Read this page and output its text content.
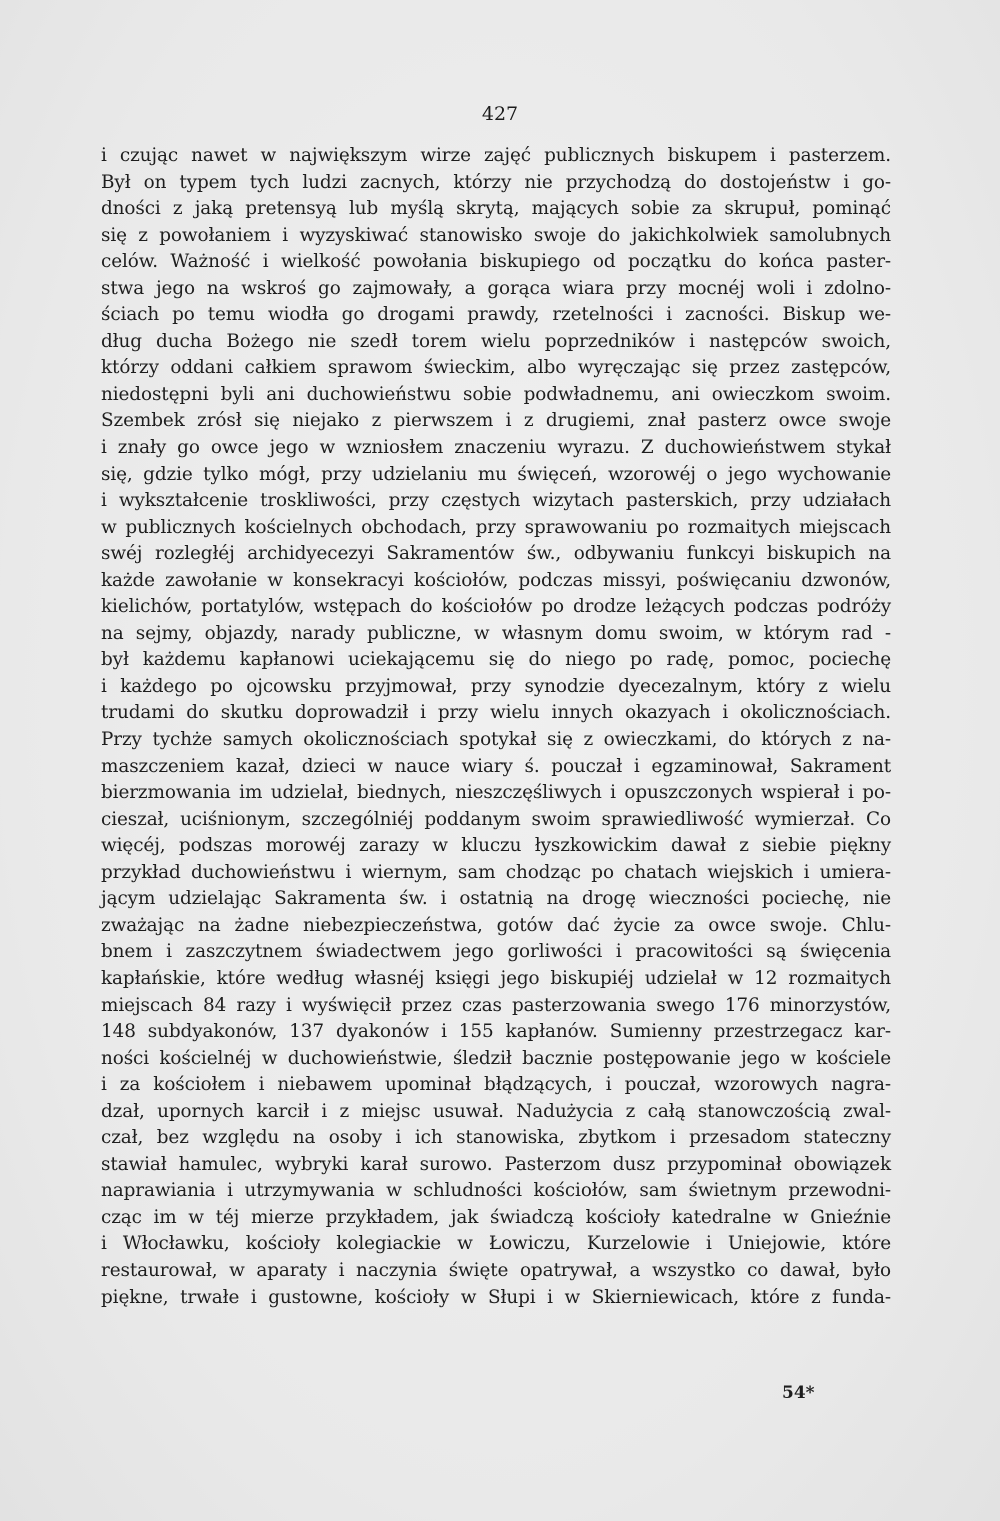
427
i czując nawet w największym wirze zajęć publicznych biskupem i pasterzem.
Był on typem tych ludzi zacnych, którzy nie przychodzą do dostojeństw i go-
dności z jaką pretensyą lub myślą skrytą, mających sobie za skrupuł, pominąć
się z powołaniem i wyzyskiwać stanowisko swoje do jakichkolwiek samolubnych
celów. Ważność i wielkość powołania biskupiego od początku do końca paster-
stwa jego na wskroś go zajmowały, a gorąca wiara przy mocnéj woli i zdolno-
ściach po temu wiodła go drogami prawdy, rzetelności i zacności. Biskup we-
dług ducha Bożego nie szedł torem wielu poprzedników i następców swoich,
którzy oddani całkiem sprawom świeckim, albo wyręczając się przez zastępców,
niedostępni byli ani duchowieństwu sobie podwładnemu, ani owieczkom swoim.
Szembek zrósł się niejako z pierwszem i z drugiemi, znał pasterz owce swoje
i znały go owce jego w wzniosłem znaczeniu wyrazu. Z duchowieństwem stykał
się, gdzie tylko mógł, przy udzielaniu mu święceń, wzorowéj o jego wychowanie
i wykształcenie troskliwości, przy częstych wizytach pasterskich, przy udziałach
w publicznych kościelnych obchodach, przy sprawowaniu po rozmaitych miejscach
swéj rozległéj archidyecezyi Sakramentów św., odbywaniu funkcyi biskupich na
każde zawołanie w konsekracyi kościołów, podczas missyi, poświęcaniu dzwonów,
kielichów, portatylów, wstępach do kościołów po drodze leżących podczas podróży
na sejmy, objazdy, narady publiczne, w własnym domu swoim, w którym rad -
był każdemu kapłanowi uciekającemu się do niego po radę, pomoc, pociechę
i każdego po ojcowsku przyjmował, przy synodzie dyecezalnym, który z wielu
trudami do skutku doprowadził i przy wielu innych okazyach i okolicznościach.
Przy tychże samych okolicznościach spotykał się z owieczkami, do których z na-
maszczeniem kazał, dzieci w nauce wiary ś. pouczał i egzaminował, Sakrament
bierzmowania im udzielał, biednych, nieszczęśliwych i opuszczonych wspierał i po-
cieszał, uciśnionym, szczególniéj poddanym swoim sprawiedliwość wymierzał. Co
więcéj, podszas morowéj zarazy w kluczu łyszkowickim dawał z siebie piękny
przykład duchowieństwu i wiernym, sam chodząc po chatach wiejskich i umiera-
jącym udzielając Sakramenta św. i ostatnią na drogę wieczności pociechę, nie
zważając na żadne niebezpieczeństwa, gotów dać życie za owce swoje. Chlu-
bnem i zaszczytnem świadectwem jego gorliwości i pracowitości są święcenia
kapłańskie, które według własnéj księgi jego biskupiéj udzielał w 12 rozmaitych
miejscach 84 razy i wyświęcił przez czas pasterzowania swego 176 minorzystów,
148 subdyakonów, 137 dyakonów i 155 kapłanów. Sumienny przestrzegacz kar-
ności kościelnéj w duchowieństwie, śledził bacznie postępowanie jego w kościele
i za kościołem i niebawem upominał błądzących, i pouczał, wzorowych nagra-
dzał, upornych karcił i z miejsc usuwał. Nadużycia z całą stanowczością zwal-
czał, bez względu na osoby i ich stanowiska, zbytkom i przesadom stateczny
stawiał hamulec, wybryki karał surowo. Pasterzom dusz przypominał obowiązek
naprawiania i utrzymywania w schludności kościołów, sam świetnym przewodni-
cząc im w téj mierze przykładem, jak świadczą kościoły katedralne w Gnieźnie
i Włocławku, kościoły kolegiackie w Łowiczu, Kurzelowie i Uniejowie, które
restaurował, w aparaty i naczynia święte opatrywał, a wszystko co dawał, było
piękne, trwałe i gustowne, kościoły w Słupi i w Skierniewicach, które z funda-
54*
